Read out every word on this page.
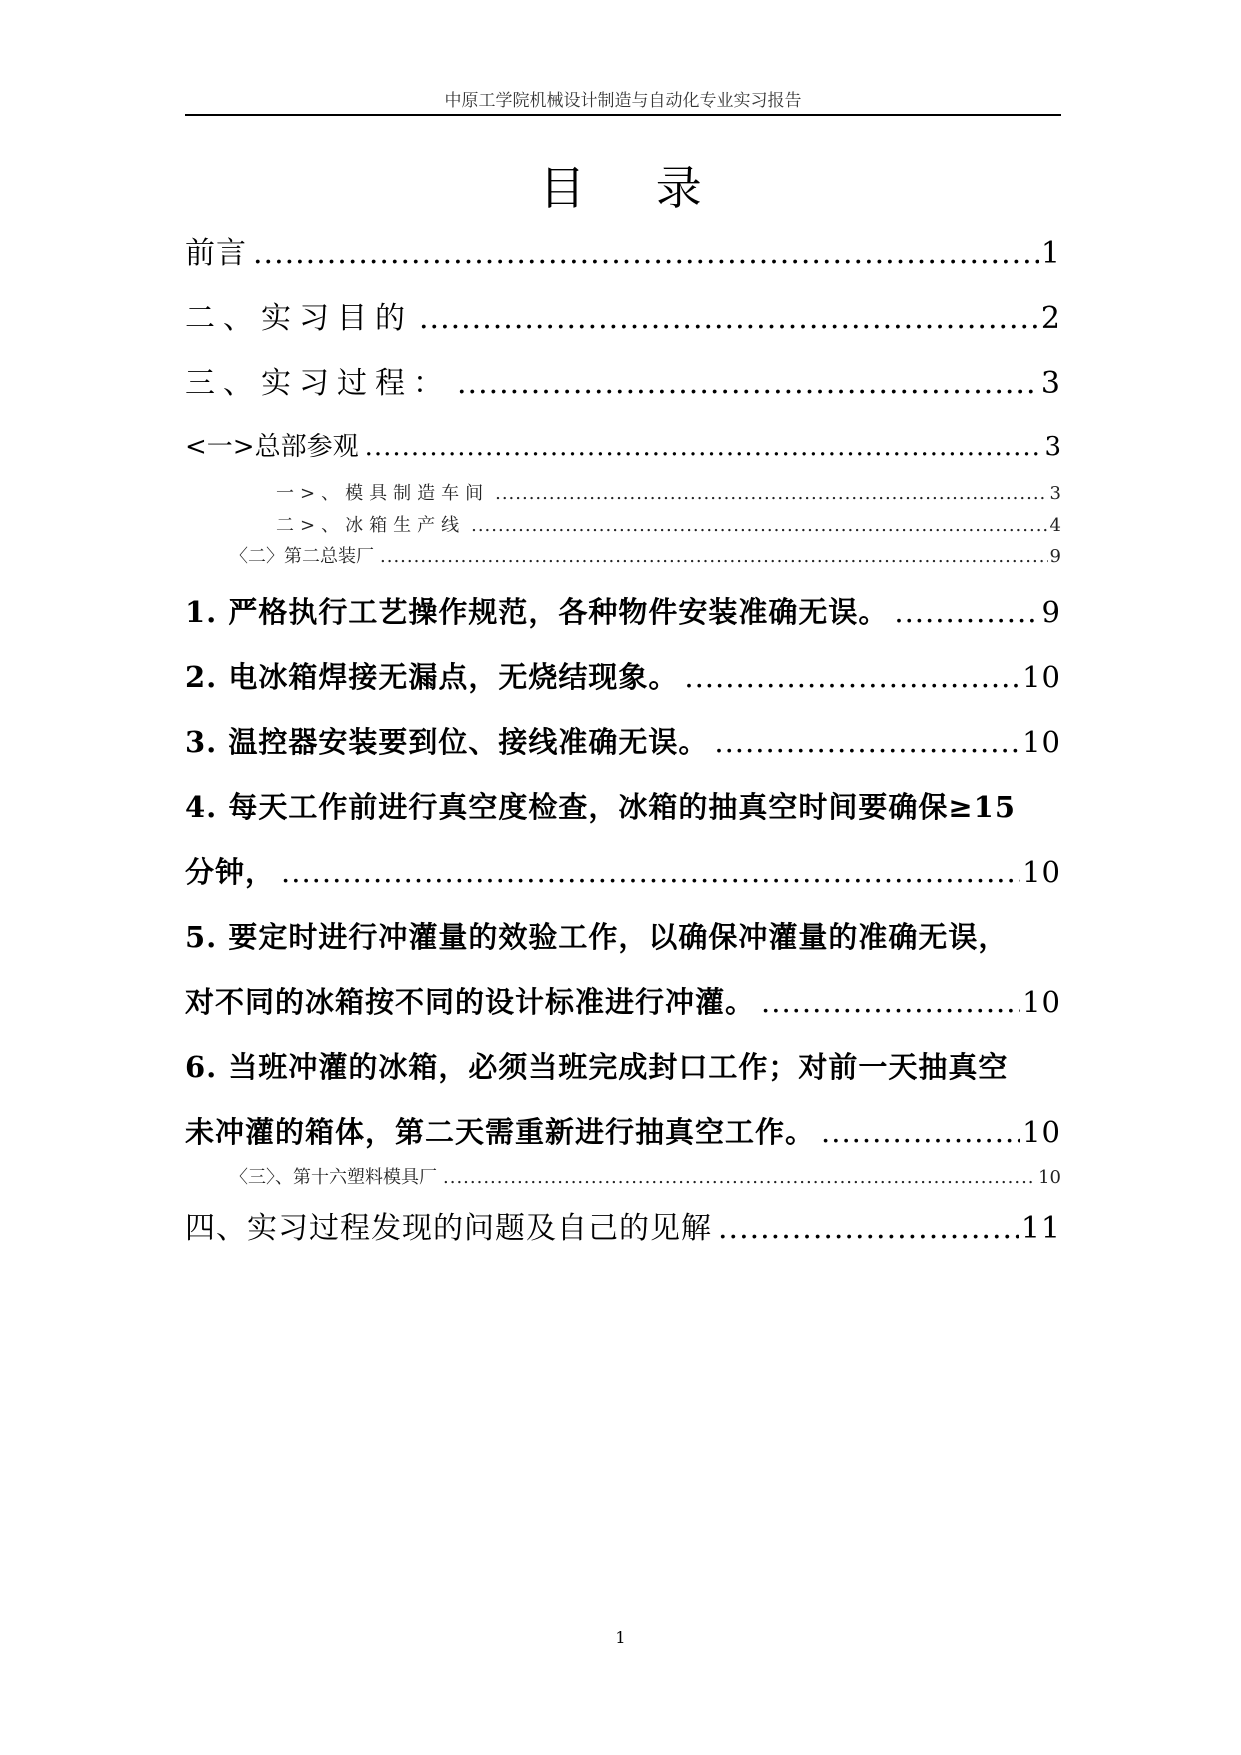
中原工学院机械设计制造与自动化专业实习报告
目 录
前言 .....	1
二、实习目的 .....	2
三、实习过程： .....	3
<一>总部参观 .....	3
一>、模具制造车间 .....	3
二>、冰箱生产线 .....	4
〈二〉第二总装厂 .....	9
1. 严格执行工艺操作规范，各种物件安装准确无误。 .....	9
2. 电冰箱焊接无漏点，无烧结现象。 .....	10
3. 温控器安装要到位、接线准确无误。 .....	10
4. 每天工作前进行真空度检查，冰箱的抽真空时间要确保≥15
分钟， .....	10
5. 要定时进行冲灌量的效验工作，以确保冲灌量的准确无误，
对不同的冰箱按不同的设计标准进行冲灌。 .....	10
6. 当班冲灌的冰箱，必须当班完成封口工作；对前一天抽真空
未冲灌的箱体，第二天需重新进行抽真空工作。 .....	10
〈三〉、第十六塑料模具厂 .....	10
四、实习过程发现的问题及自己的见解 .....	11
1
